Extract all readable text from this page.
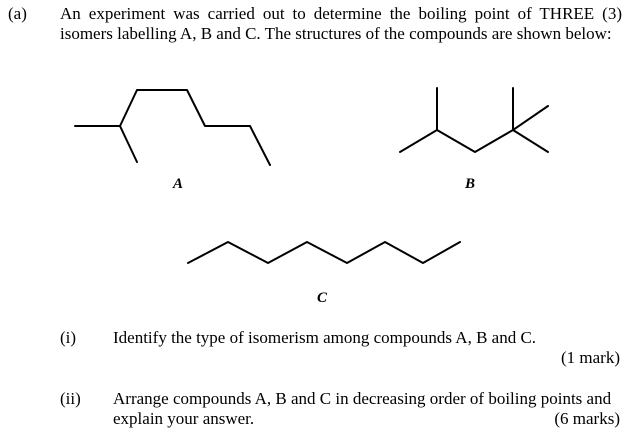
(a) An experiment was carried out to determine the boiling point of THREE (3) isomers labelling A, B and C. The structures of the compounds are shown below:
A	B
C
(i) Identify the type of isomerism among compounds A, B and C.
(1 mark)
(ii) Arrange compounds A, B and C in decreasing order of boiling points and explain your answer.	(6 marks)
